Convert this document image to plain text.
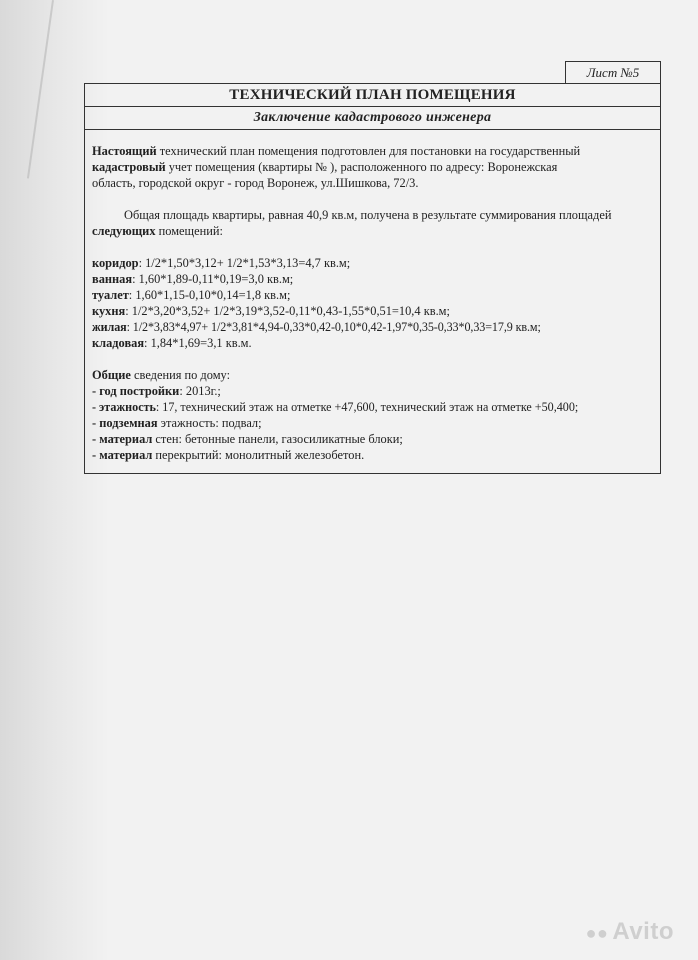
Лист №5
ТЕХНИЧЕСКИЙ ПЛАН ПОМЕЩЕНИЯ
Заключение кадастрового инженера

Настоящий технический план помещения подготовлен для постановки на государственный
кадастровый учет помещения (квартиры № ), расположенного по адресу: Воронежская
область, городской округ - город Воронеж, ул.Шишкова, 72/3.

Общая площадь квартиры, равная 40,9 кв.м, получена в результате суммирования площадей

следующих помещений:

коридор: 1/2*1,50*3,12+ 1/2*1,53*3,13=4,7 кв.м;

ванная: 1,60*1,89-0,11*0,19=3,0 кв.м;

туалет: 1,60*1,15-0,10*0,14=1,8 кв.м;

кухня: 1/2*3,20*3,52+ 1/2*3,19*3,52-0,11*0,43-1,55*0,51=10,4 кв.м;

жилая: 1/2*3,83*4,97+ 1/2*3,81*4,94-0,33*0,42-0,10*0,42-1,97*0,35-0,33*0,33=17,9 кв.м;

кладовая: 1,84*1,69=3,1 кв.м.

Общие сведения по дому:

- год постройки: 2013г.;

- этажность: 17, технический этаж на отметке +47,600, технический этаж на отметке +50,400;

- подземная этажность: подвал;

- материал стен: бетонные панели, газосиликатные блоки;

- материал перекрытий: монолитный железобетон.

●● Avito
